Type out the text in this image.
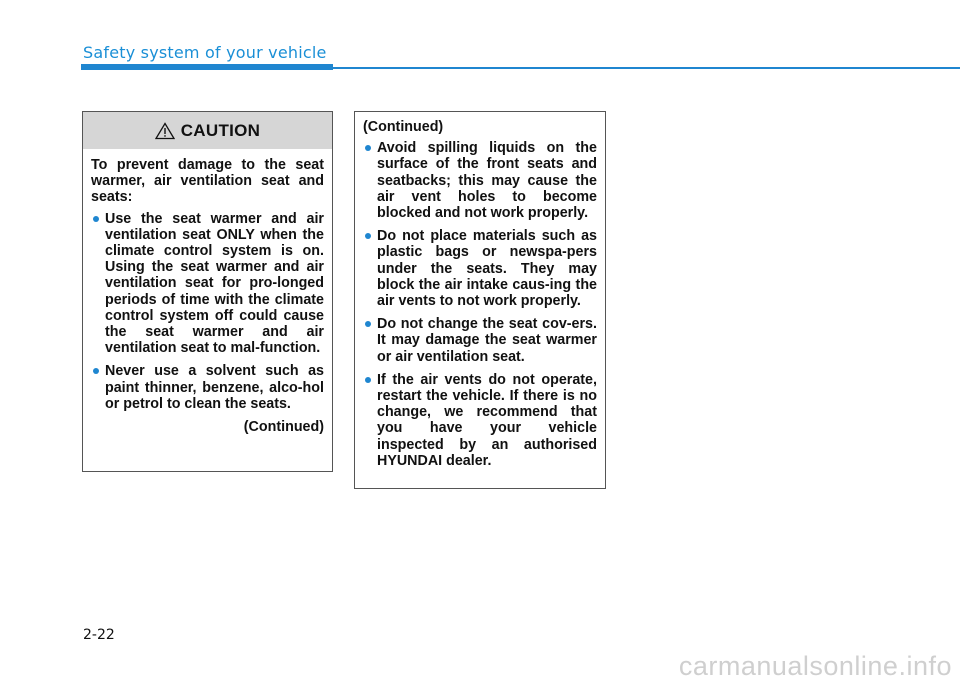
Safety system of your vehicle
CAUTION

To prevent damage to the seat warmer, air ventilation seat and seats:

Use the seat warmer and air ventilation seat ONLY when the climate control system is on. Using the seat warmer and air ventilation seat for pro-longed periods of time with the climate control system off could cause the seat warmer and air ventilation seat to mal-function.
Never use a solvent such as paint thinner, benzene, alco-hol or petrol to clean the seats.

(Continued)

(Continued)

Avoid spilling liquids on the surface of the front seats and seatbacks; this may cause the air vent holes to become blocked and not work properly.
Do not place materials such as plastic bags or newspa-pers under the seats. They may block the air intake caus-ing the air vents to not work properly.
Do not change the seat cov-ers. It may damage the seat warmer or air ventilation seat.
If the air vents do not operate, restart the vehicle. If there is no change, we recommend that you have your vehicle inspected by an authorised HYUNDAI dealer.
2-22
carmanualsonline.info
